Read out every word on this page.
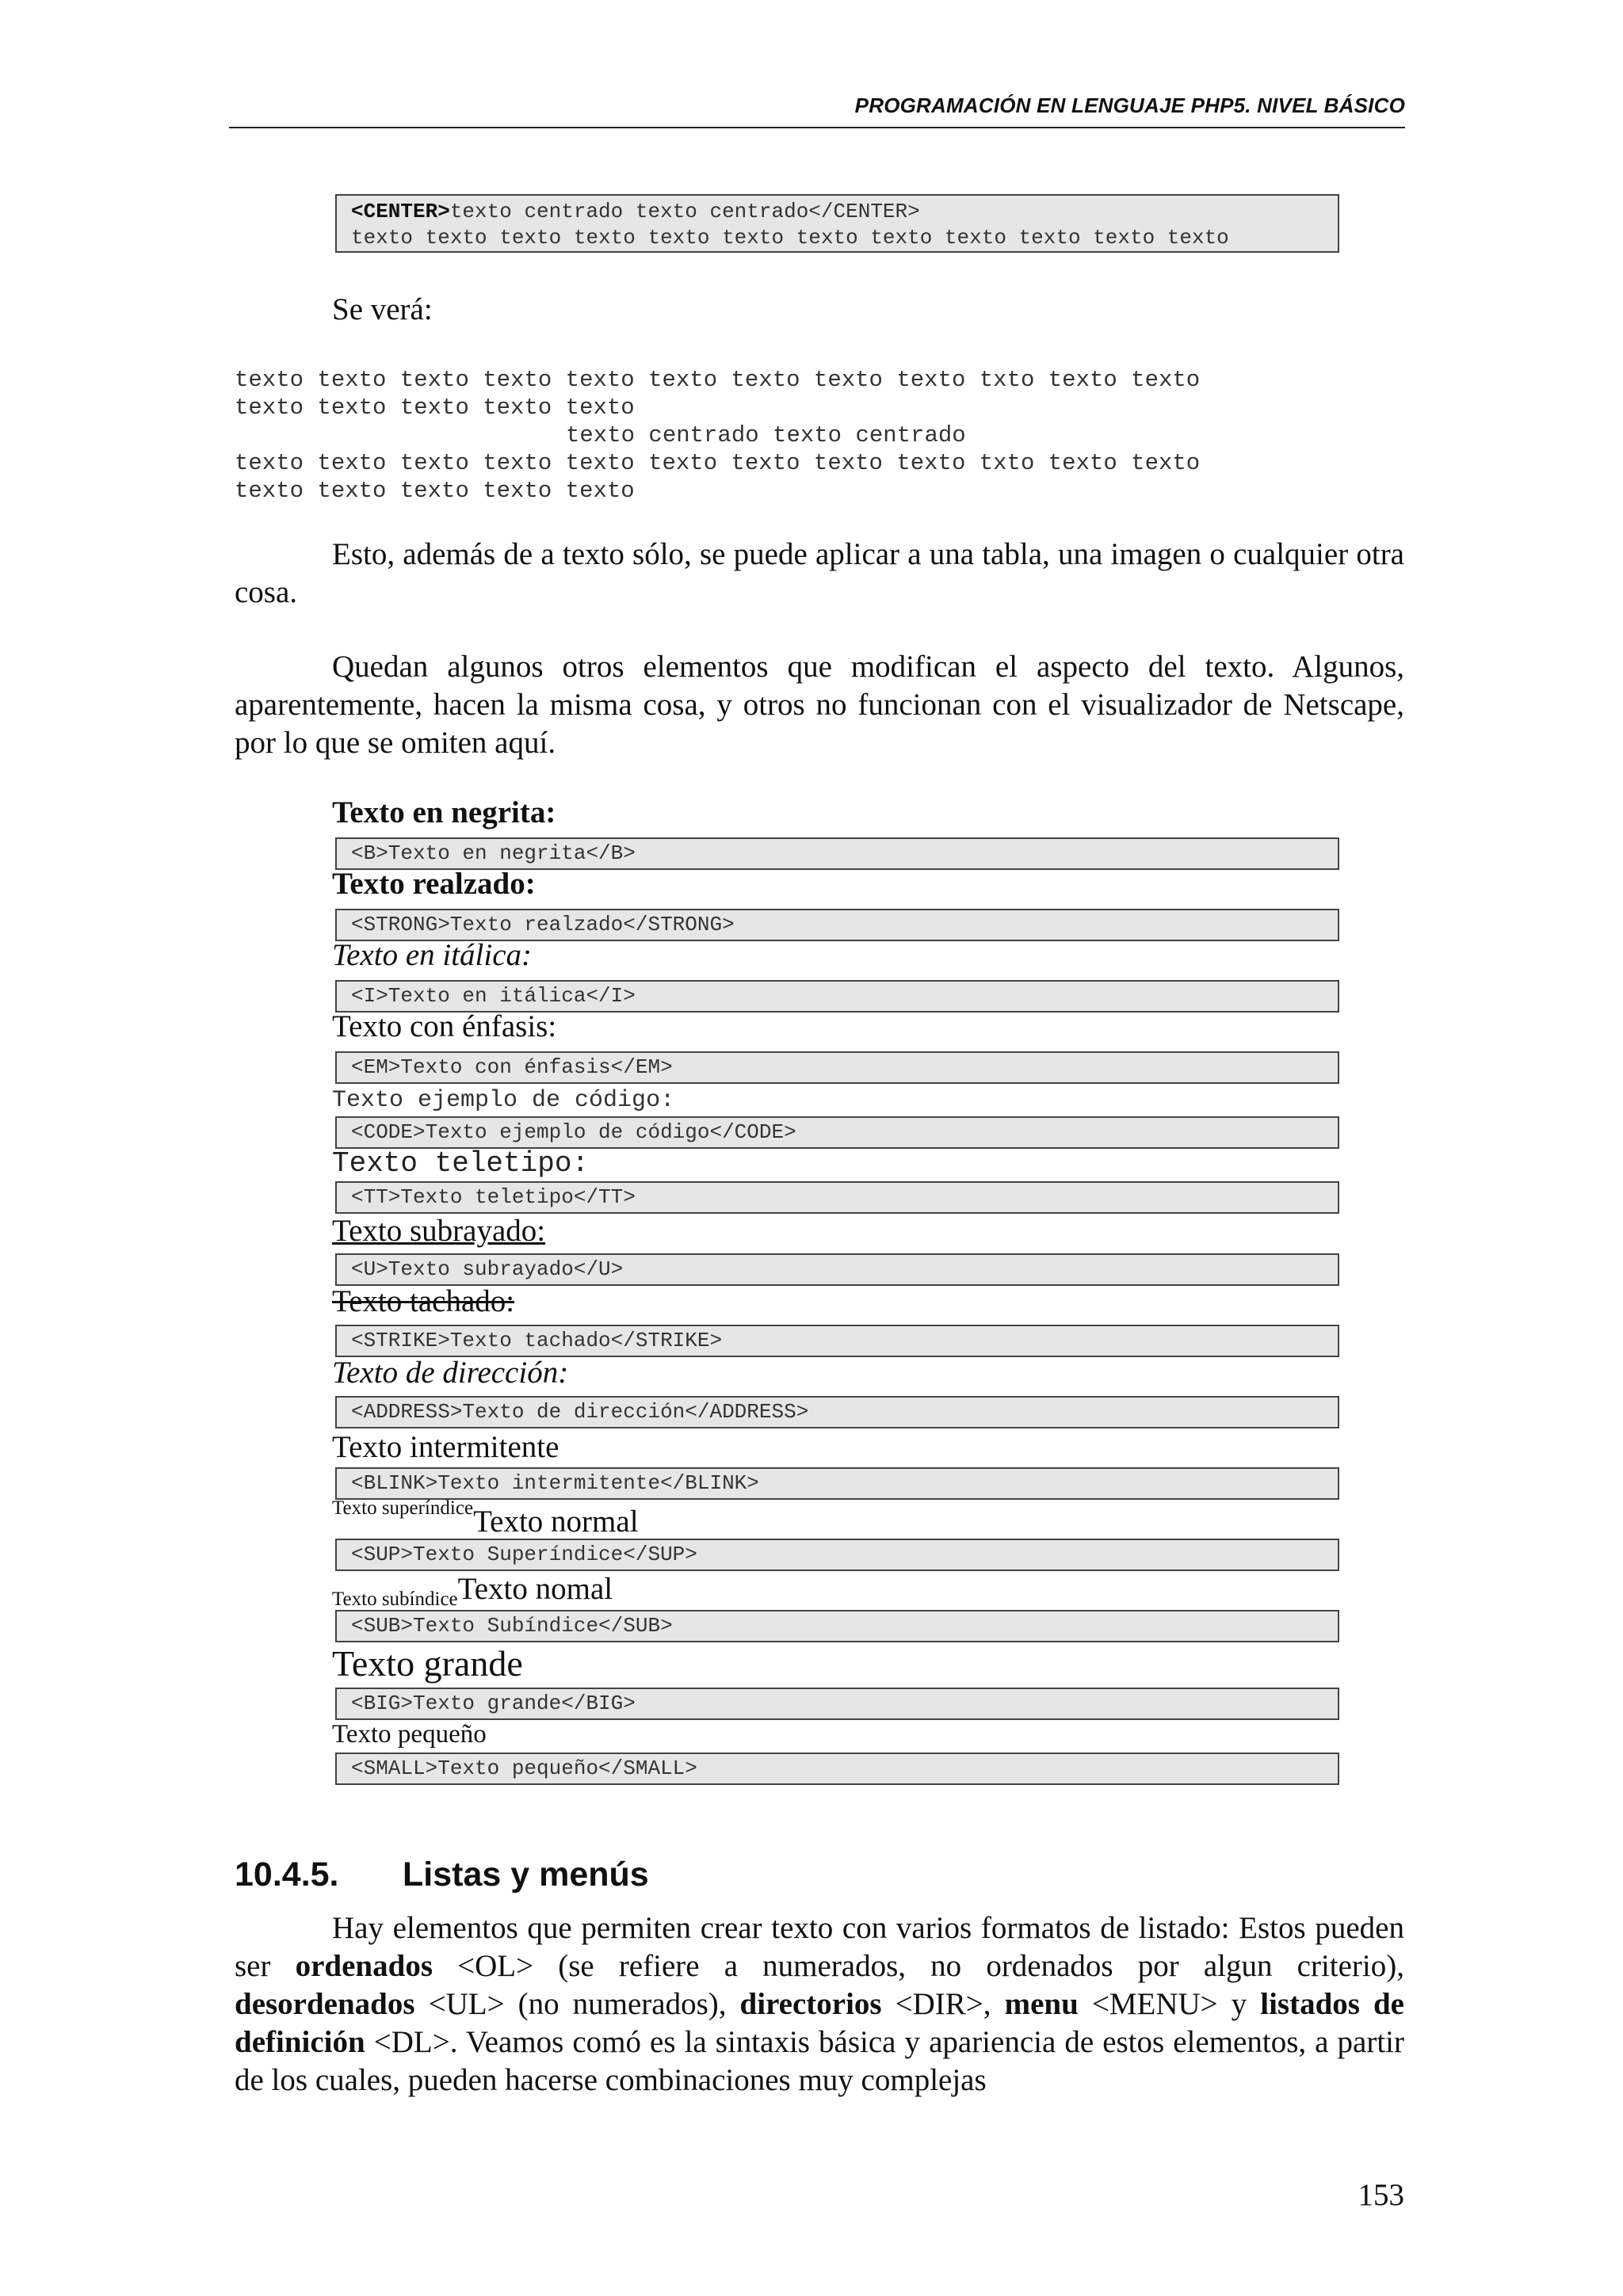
PROGRAMACIÓN EN LENGUAJE PHP5. NIVEL BÁSICO
<CENTER>texto centrado texto centrado</CENTER>
texto texto texto texto texto texto texto texto texto texto texto texto
Se verá:
texto texto texto texto texto texto texto texto texto txto texto texto
texto texto texto texto texto
texto centrado texto centrado
texto texto texto texto texto texto texto texto texto txto texto texto
texto texto texto texto texto
Esto, además de a texto sólo, se puede aplicar a una tabla, una imagen o cualquier otra cosa.
Quedan algunos otros elementos que modifican el aspecto del texto. Algunos, aparentemente, hacen la misma cosa, y otros no funcionan con el visualizador de Netscape, por lo que se omiten aquí.
Texto en negrita:
<B>Texto en negrita</B>
Texto realzado:
<STRONG>Texto realzado</STRONG>
Texto en itálica:
<I>Texto en itálica</I>
Texto con énfasis:
<EM>Texto con énfasis</EM>
Texto ejemplo de código:
<CODE>Texto ejemplo de código</CODE>
Texto teletipo:
<TT>Texto teletipo</TT>
Texto subrayado:
<U>Texto subrayado</U>
Texto tachado:
<STRIKE>Texto tachado</STRIKE>
Texto de dirección:
<ADDRESS>Texto de dirección</ADDRESS>
Texto intermitente
<BLINK>Texto intermitente</BLINK>
Texto superíndiceTexto normal
<SUP>Texto Superíndice</SUP>
Texto subíndiceTexto nomal
<SUB>Texto Subíndice</SUB>
Texto grande
<BIG>Texto grande</BIG>
Texto pequeño
<SMALL>Texto pequeño</SMALL>
10.4.5. Listas y menús
Hay elementos que permiten crear texto con varios formatos de listado: Estos pueden ser ordenados <OL> (se refiere a numerados, no ordenados por algun criterio), desordenados <UL> (no numerados), directorios <DIR>, menu <MENU> y listados de definición <DL>. Veamos comó es la sintaxis básica y apariencia de estos elementos, a partir de los cuales, pueden hacerse combinaciones muy complejas
153
